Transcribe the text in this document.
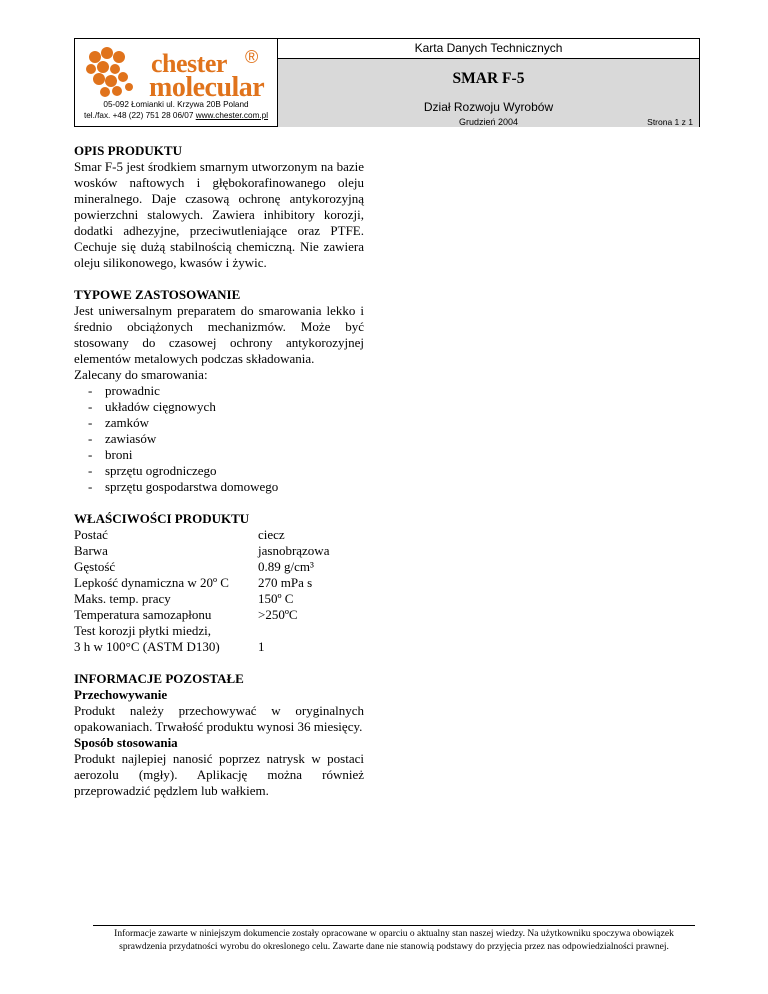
chester
molecular
®
05-092 Łomianki ul. Krzywa 20B Poland
tel./fax. +48 (22) 751 28 06/07 www.chester.com.pl
Karta Danych Technicznych
SMAR F-5
Dział Rozwoju Wyrobów
Grudzień 2004	Strona 1 z 1

OPIS PRODUKTU

Smar F-5 jest środkiem smarnym utworzonym na bazie wosków naftowych i głębokorafinowanego oleju mineralnego. Daje czasową ochronę antykorozyjną powierzchni stalowych. Zawiera inhibitory korozji, dodatki adhezyjne, przeciwutleniające oraz PTFE. Cechuje się dużą stabilnością chemiczną. Nie zawiera oleju silikonowego, kwasów i żywic.

TYPOWE ZASTOSOWANIE

Jest uniwersalnym preparatem do smarowania lekko i średnio obciążonych mechanizmów. Może być stosowany do czasowej ochrony antykorozyjnej elementów metalowych podczas składowania.

Zalecany do smarowania:

- prowadnic
- układów cięgnowych
- zamków
- zawiasów
- broni
- sprzętu ogrodniczego
- sprzętu gospodarstwa domowego

WŁAŚCIWOŚCI PRODUKTU

Postać	ciecz
Barwa	jasnobrązowa
Gęstość	0.89 g/cm³
Lepkość dynamiczna w 20º C	270 mPa s
Maks. temp. pracy	150º C
Temperatura samozapłonu	>250ºC
Test korozji płytki miedzi,	
3 h w 100°C (ASTM D130)	1

INFORMACJE POZOSTAŁE

Przechowywanie

Produkt należy przechowywać w oryginalnych opakowaniach. Trwałość produktu wynosi 36 miesięcy.

Sposób stosowania

Produkt najlepiej nanosić poprzez natrysk w postaci aerozolu (mgły). Aplikację można również przeprowadzić pędzlem lub wałkiem.

Informacje zawarte w niniejszym dokumencie zostały opracowane w oparciu o aktualny stan naszej wiedzy. Na użytkowniku spoczywa obowiązek
sprawdzenia przydatności wyrobu do okreslonego celu. Zawarte dane nie stanowią podstawy do przyjęcia przez nas odpowiedzialności prawnej.
